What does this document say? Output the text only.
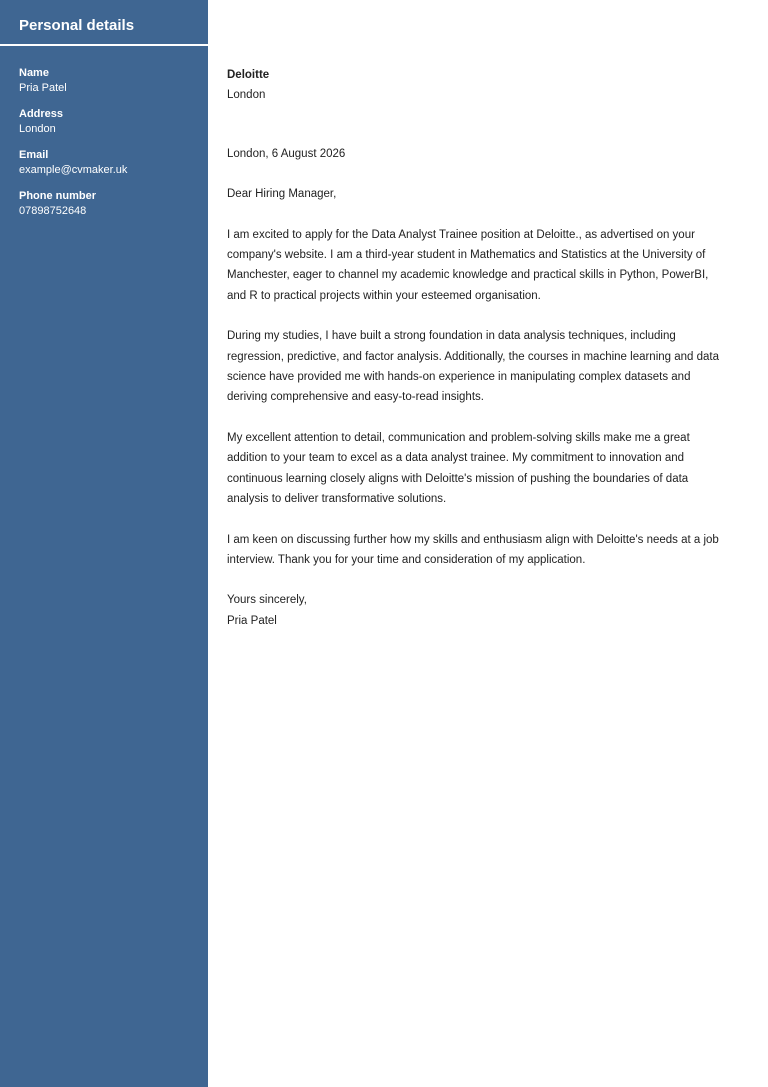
Personal details
Name
Pria Patel
Address
London
Email
example@cvmaker.uk
Phone number
07898752648
Deloitte
London
London, 6 August 2026
Dear Hiring Manager,

I am excited to apply for the Data Analyst Trainee position at Deloitte., as advertised on your company's website. I am a third-year student in Mathematics and Statistics at the University of Manchester, eager to channel my academic knowledge and practical skills in Python, PowerBI, and R to practical projects within your esteemed organisation.

During my studies, I have built a strong foundation in data analysis techniques, including regression, predictive, and factor analysis. Additionally, the courses in machine learning and data science have provided me with hands-on experience in manipulating complex datasets and deriving comprehensive and easy-to-read insights.

My excellent attention to detail, communication and problem-solving skills make me a great addition to your team to excel as a data analyst trainee. My commitment to innovation and continuous learning closely aligns with Deloitte's mission of pushing the boundaries of data analysis to deliver transformative solutions.

I am keen on discussing further how my skills and enthusiasm align with Deloitte's needs at a job interview. Thank you for your time and consideration of my application.

Yours sincerely,
Pria Patel
